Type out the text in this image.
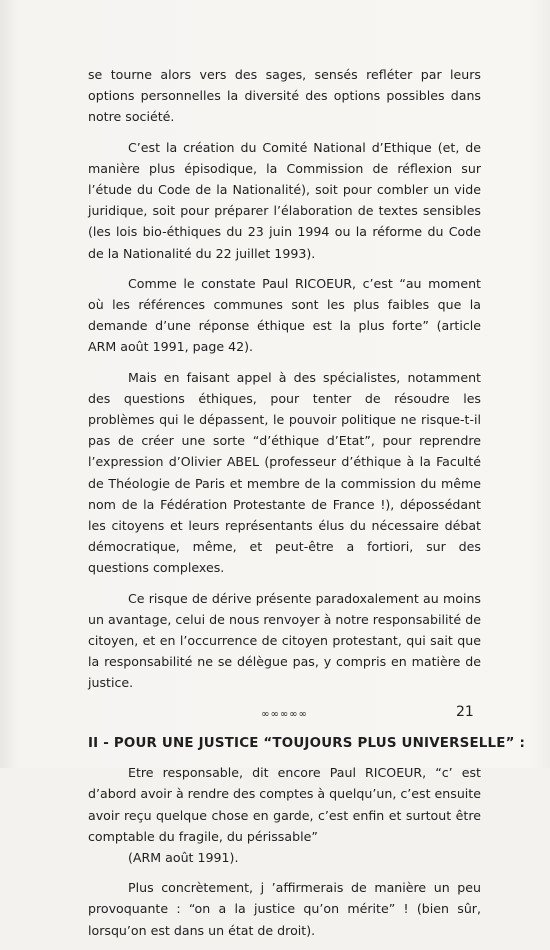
se tourne alors vers des sages, sensés refléter par leurs options personnelles la diversité des options possibles dans notre société.

C’est la création du Comité National d’Ethique (et, de manière plus épisodique, la Commission de réflexion sur l’étude du Code de la Nationalité), soit pour combler un vide juridique, soit pour préparer l’élaboration de textes sensibles (les lois bio-éthiques du 23 juin 1994 ou la réforme du Code de la Nationalité du 22 juillet 1993).

Comme le constate Paul RICOEUR, c’est “au moment où les références communes sont les plus faibles que la demande d’une réponse éthique est la plus forte” (article ARM août 1991, page 42).

Mais en faisant appel à des spécialistes, notamment des questions éthiques, pour tenter de résoudre les problèmes qui le dépassent, le pouvoir politique ne risque-t-il pas de créer une sorte “d’éthique d’Etat”, pour reprendre l’expression d’Olivier ABEL (professeur d’éthique à la Faculté de Théologie de Paris et membre de la commission du même nom de la Fédération Protestante de France !), dépossédant les citoyens et leurs représentants élus du nécessaire débat démocratique, même, et peut-être a fortiori, sur des questions complexes.

Ce risque de dérive présente paradoxalement au moins un avantage, celui de nous renvoyer à notre responsabilité de citoyen, et en l’occurrence de citoyen protestant, qui sait que la responsabilité ne se délègue pas, y compris en matière de justice.

∞∞∞∞∞
II - POUR UNE JUSTICE “TOUJOURS PLUS UNIVERSELLE” :

Etre responsable, dit encore Paul RICOEUR, “c’ est d’abord avoir à rendre des comptes à quelqu’un, c’est ensuite avoir reçu quelque chose en garde, c’est enfin et surtout être comptable du fragile, du périssable”

(ARM août 1991).

Plus concrètement, j ’affirmerais de manière un peu provoquante : “on a la justice qu’on mérite” ! (bien sûr, lorsqu’on est dans un état de droit).

21
